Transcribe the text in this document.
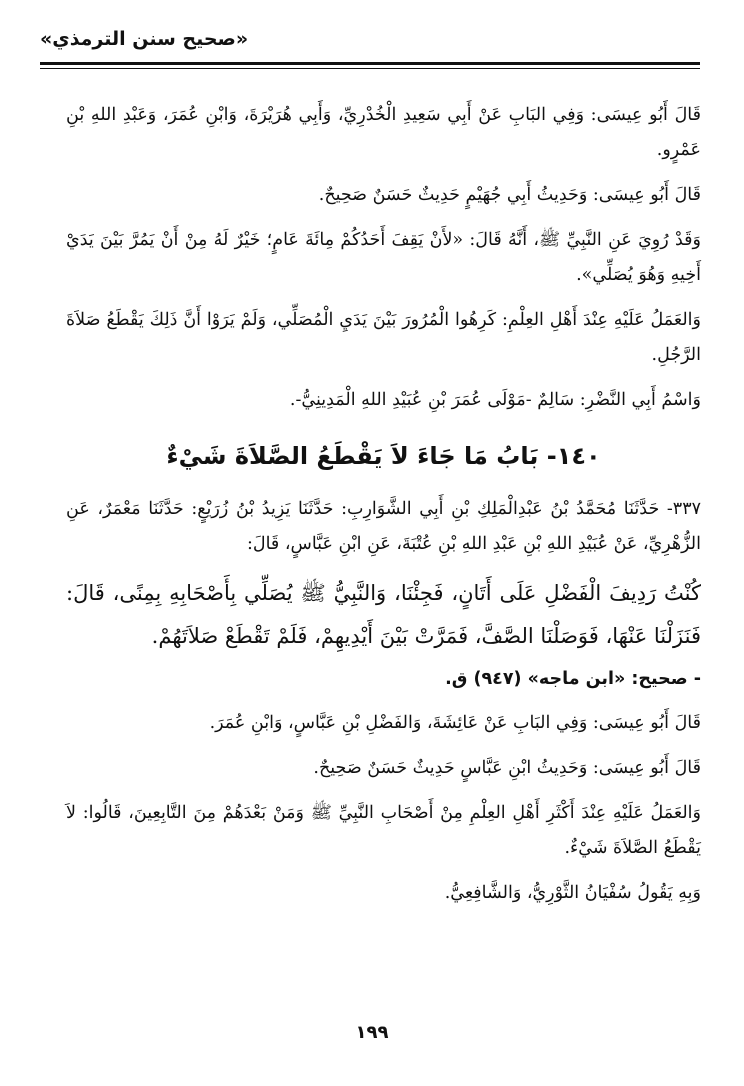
«صحيح سنن الترمذي»

قَالَ أَبُو عِيسَى: وَفِي البَابِ عَنْ أَبِي سَعِيدِ الْخُدْرِيِّ، وَأَبِي هُرَيْرَةَ، وَابْنِ عُمَرَ، وَعَبْدِ اللهِ بْنِ عَمْرٍو.

قَالَ أَبُو عِيسَى: وَحَدِيثُ أَبِي جُهَيْمٍ حَدِيثٌ حَسَنٌ صَحِيحٌ.

وَقَدْ رُوِيَ عَنِ النَّبِيِّ ﷺ، أَنَّهُ قَالَ: «لأَنْ يَقِفَ أَحَدُكُمْ مِائَةَ عَامٍ؛ خَيْرٌ لَهُ مِنْ أَنْ يَمُرَّ بَيْنَ يَدَيْ أَخِيهِ وَهُوَ يُصَلِّي».

وَالعَمَلُ عَلَيْهِ عِنْدَ أَهْلِ العِلْمِ: كَرِهُوا الْمُرُورَ بَيْنَ يَدَيِ الْمُصَلِّي، وَلَمْ يَرَوْا أَنَّ ذَلِكَ يَقْطَعُ صَلاَةَ الرَّجُلِ.

وَاسْمُ أَبِي النَّضْرِ: سَالِمٌ -مَوْلَى عُمَرَ بْنِ عُبَيْدِ اللهِ الْمَدِينِيُّ-.

١٤٠- بَابُ مَا جَاءَ لاَ يَقْطَعُ الصَّلاَةَ شَيْءٌ

٣٣٧- حَدَّثَنَا مُحَمَّدُ بْنُ عَبْدِالْمَلِكِ بْنِ أَبِي الشَّوَارِبِ: حَدَّثَنَا يَزِيدُ بْنُ زُرَيْعٍ: حَدَّثَنَا مَعْمَرٌ، عَنِ الزُّهْرِيِّ، عَنْ عُبَيْدِ اللهِ بْنِ عَبْدِ اللهِ بْنِ عُتْبَةَ، عَنِ ابْنِ عَبَّاسٍ، قَالَ:

كُنْتُ رَدِيفَ الْفَضْلِ عَلَى أَتَانٍ، فَجِئْنَا، وَالنَّبِيُّ ﷺ يُصَلِّي بِأَصْحَابِهِ بِمِنًى، قَالَ: فَنَزَلْنَا عَنْهَا، فَوَصَلْنَا الصَّفَّ، فَمَرَّتْ بَيْنَ أَيْدِيهِمْ، فَلَمْ تَقْطَعْ صَلاَتَهُمْ.

- صحيح: «ابن ماجه» (٩٤٧) ق.

قَالَ أَبُو عِيسَى: وَفِي البَابِ عَنْ عَائِشَةَ، وَالفَضْلِ بْنِ عَبَّاسٍ، وَابْنِ عُمَرَ.

قَالَ أَبُو عِيسَى: وَحَدِيثُ ابْنِ عَبَّاسٍ حَدِيثٌ حَسَنٌ صَحِيحٌ.

وَالعَمَلُ عَلَيْهِ عِنْدَ أَكْثَرِ أَهْلِ العِلْمِ مِنْ أَصْحَابِ النَّبِيِّ ﷺ وَمَنْ بَعْدَهُمْ مِنَ التَّابِعِينَ، قَالُوا: لاَ يَقْطَعُ الصَّلاَةَ شَيْءٌ.

وَبِهِ يَقُولُ سُفْيَانُ الثَّوْرِيُّ، وَالشَّافِعِيُّ.

١٩٩
